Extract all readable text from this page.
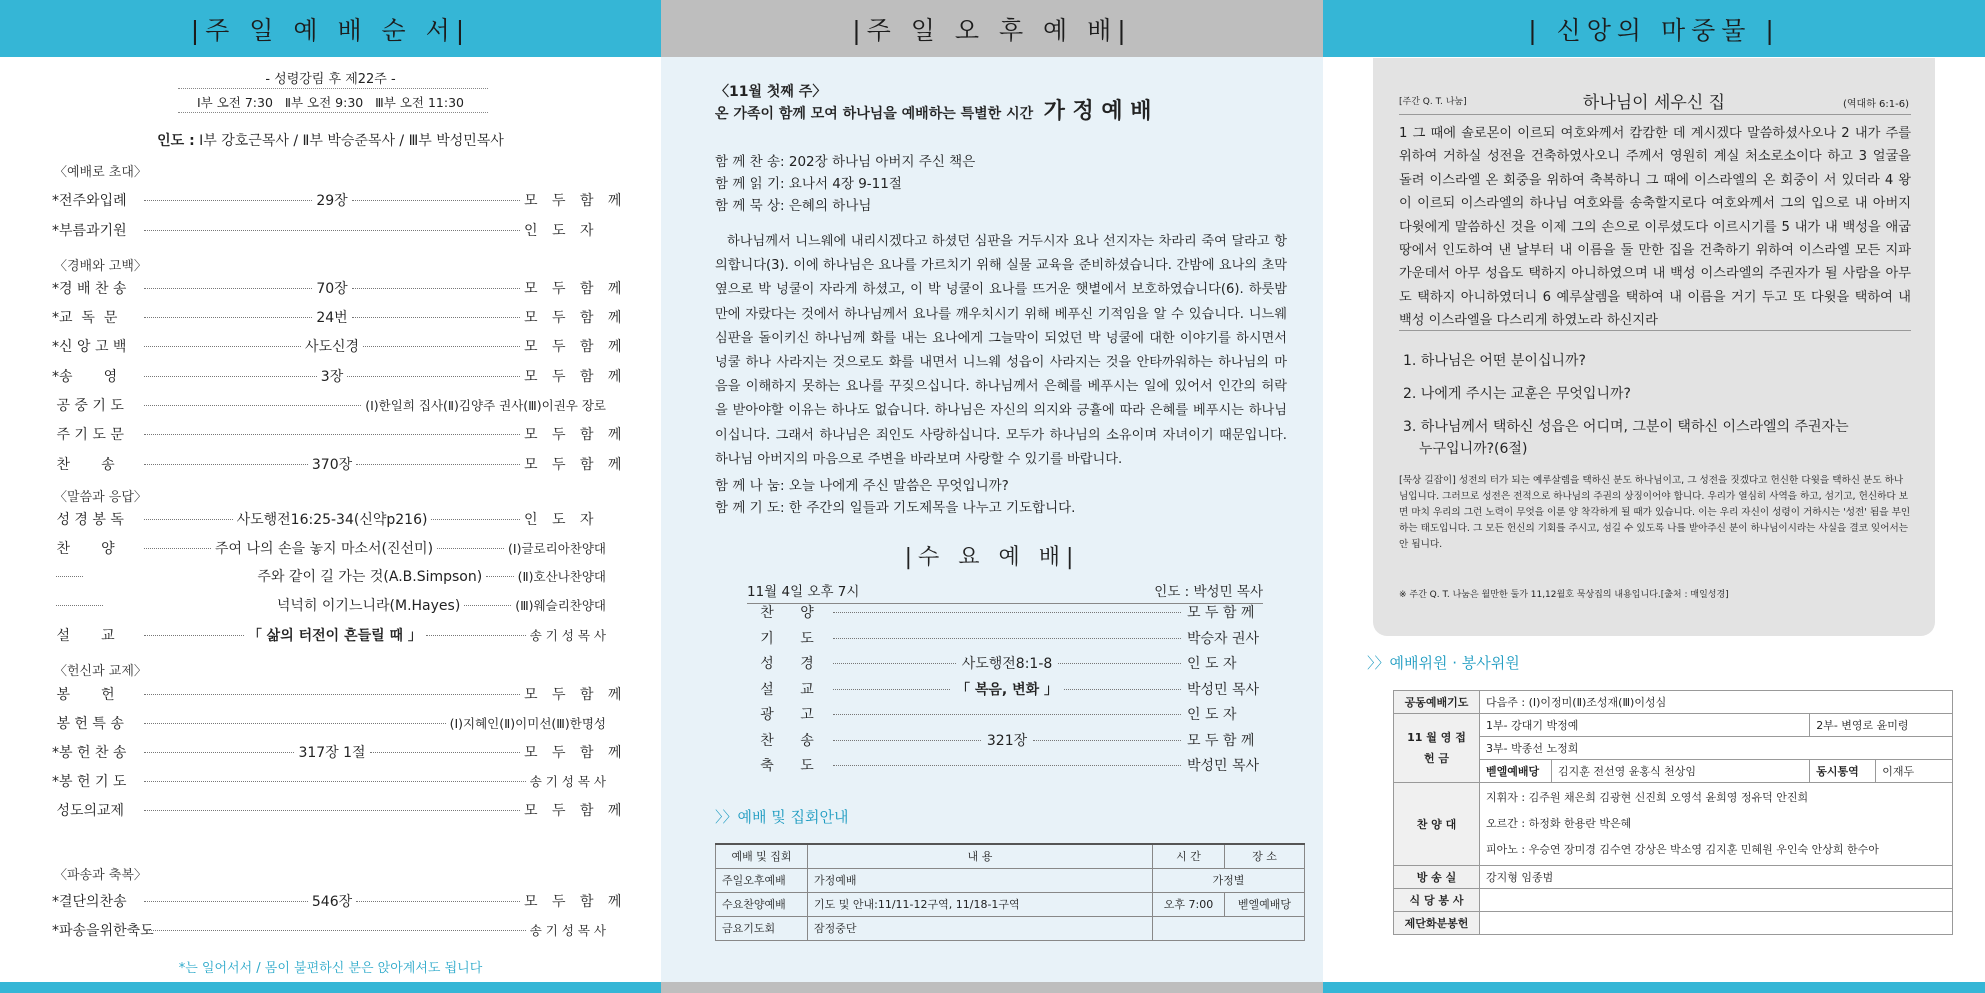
|주 일 예 배 순 서|
- 성령강림 후 제22주 -
Ⅰ부 오전 7:30   Ⅱ부 오전 9:30   Ⅲ부 오전 11:30
인도 : Ⅰ부 강호근목사 / Ⅱ부 박승준목사 / Ⅲ부 박성민목사
〈예배로 초대〉
〈경배와 고백〉
〈말씀과 응답〉
〈헌신과 교제〉
〈파송과 축복〉
*전주와입례	29장	모 두 함 께
*부름과기원	인 도 자
*경 배 찬 송	70장	모 두 함 께
*교  독  문	24번	모 두 함 께
*신 앙 고 백	사도신경	모 두 함 께
*송       영	3장	모 두 함 께
공 중 기 도	(Ⅰ)한일희 집사(Ⅱ)김양주 권사(Ⅲ)이권우 장로
주 기 도 문	모 두 함 께
찬       송	370장	모 두 함 께
성 경 봉 독	사도행전16:25-34(신약p216)	인 도 자
찬       양	주여 나의 손을 놓지 마소서(진선미)	(Ⅰ)글로리아찬양대
주와 같이 길 가는 것(A.B.Simpson)	(Ⅱ)호산나찬양대
넉넉히 이기느니라(M.Hayes)	(Ⅲ)웨슬리찬양대
설       교	「 삶의 터전이 흔들릴 때 」	송 기 성 목 사
봉       헌	모 두 함 께
봉 헌 특 송	(Ⅰ)지혜인(Ⅱ)이미선(Ⅲ)한명성
*봉 헌 찬 송	317장 1절	모 두 함 께
*봉 헌 기 도	송 기 성 목 사
성도의교제	모 두 함 께
*결단의찬송	546장	모 두 함 께
*파송을위한축도	송 기 성 목 사
*는 일어서서 / 몸이 불편하신 분은 앉아계셔도 됩니다
|주 일 오 후 예 배|
〈11월 첫째 주〉
온 가족이 함께 모여 하나님을 예배하는 특별한 시간 가 정 예 배
함 께 찬 송: 202장 하나님 아버지 주신 책은
함 께 읽 기: 요나서 4장 9-11절
함 께 묵 상: 은혜의 하나님
하나님께서 니느웨에 내리시겠다고 하셨던 심판을 거두시자 요나 선지자는 차라리 죽여 달라고 항의합니다(3). 이에 하나님은 요나를 가르치기 위해 실물 교육을 준비하셨습니다. 간밤에 요나의 초막 옆으로 박 넝쿨이 자라게 하셨고, 이 박 넝쿨이 요나를 뜨거운 햇볕에서 보호하였습니다(6). 하룻밤 만에 자랐다는 것에서 하나님께서 요나를 깨우치시기 위해 베푸신 기적임을 알 수 있습니다. 니느웨 심판을 돌이키신 하나님께 화를 내는 요나에게 그늘막이 되었던 박 넝쿨에 대한 이야기를 하시면서 넝쿨 하나 사라지는 것으로도 화를 내면서 니느웨 성읍이 사라지는 것을 안타까워하는 하나님의 마음을 이해하지 못하는 요나를 꾸짖으십니다. 하나님께서 은혜를 베푸시는 일에 있어서 인간의 허락을 받아야할 이유는 하나도 없습니다. 하나님은 자신의 의지와 긍휼에 따라 은혜를 베푸시는 하나님이십니다. 그래서 하나님은 죄인도 사랑하십니다. 모두가 하나님의 소유이며 자녀이기 때문입니다. 하나님 아버지의 마음으로 주변을 바라보며 사랑할 수 있기를 바랍니다.
함 께 나 눔: 오늘 나에게 주신 말씀은 무엇입니까?
함 께 기 도: 한 주간의 일들과 기도제목을 나누고 기도합니다.
|수 요 예 배|
11월 4일 오후 7시	인도 : 박성민 목사
찬	양	모 두 함 께
기	도	박승자 권사
성	경	사도행전8:1-8	인 도 자
설	교	「 복음, 변화 」	박성민 목사
광	고	인 도 자
찬	송	321장	모 두 함 께
축	도	박성민 목사
〉〉예배 및 집회안내
예배 및 집회	내 용	시 간	장 소
주일오후예배	가정예배	가정별	
수요찬양예배	기도 및 안내:11/11-12구역, 11/18-1구역	오후 7:00	벧엘예배당
금요기도회	잠정중단		
| 신앙의 마중물 |
[주간 Q. T. 나눔]	하나님이 세우신 집	(역대하 6:1-6)
1 그 때에 솔로몬이 이르되 여호와께서 캄캄한 데 계시겠다 말씀하셨사오나 2 내가 주를 위하여 거하실 성전을 건축하였사오니 주께서 영원히 계실 처소로소이다 하고 3 얼굴을 돌려 이스라엘 온 회중을 위하여 축복하니 그 때에 이스라엘의 온 회중이 서 있더라 4 왕이 이르되 이스라엘의 하나님 여호와를 송축할지로다 여호와께서 그의 입으로 내 아버지 다윗에게 말씀하신 것을 이제 그의 손으로 이루셨도다 이르시기를 5 내가 내 백성을 애굽 땅에서 인도하여 낸 날부터 내 이름을 둘 만한 집을 건축하기 위하여 이스라엘 모든 지파 가운데서 아무 성읍도 택하지 아니하였으며 내 백성 이스라엘의 주권자가 될 사람을 아무도 택하지 아니하였더니 6 예루살렘을 택하여 내 이름을 거기 두고 또 다윗을 택하여 내 백성 이스라엘을 다스리게 하였노라 하신지라
1. 하나님은 어떤 분이십니까?
2. 나에게 주시는 교훈은 무엇입니까?
3. 하나님께서 택하신 성읍은 어디며, 그분이 택하신 이스라엘의 주권자는
누구입니까?(6절)
[묵상 길잡이] 성전의 터가 되는 예루살렘을 택하신 분도 하나님이고, 그 성전을 짓겠다고 헌신한 다윗을 택하신 분도 하나님입니다. 그러므로 성전은 전적으로 하나님의 주권의 상징이어야 합니다. 우리가 열심히 사역을 하고, 섬기고, 헌신하다 보면 마치 우리의 그런 노력이 무엇을 이룬 양 착각하게 될 때가 있습니다. 이는 우리 자신이 성령이 거하시는 '성전' 됨을 부인하는 태도입니다. 그 모든 헌신의 기회를 주시고, 섬길 수 있도록 나를 받아주신 분이 하나님이시라는 사실을 결코 잊어서는 안 됩니다.
※ 주간 Q. T. 나눔은 월만한 둘가 11,12월호 묵상집의 내용입니다.[출처 : 매일성경]
〉〉예배위원 · 봉사위원
공동예배기도	다음주 : (Ⅰ)이정미(Ⅱ)조성재(Ⅲ)이성심			
11 월 영 접 헌 금	1부- 강대기 박정예		2부- 변영로 윤미령	
	3부- 박종선 노정희			
	벧엘예배당	김지훈 전선영 윤홍식 천상임	동시통역	이재두
찬 양 대	지휘자 : 김주원 채은희 김광현 신진희 오영석 윤희영 정유덕 안진희
오르간 : 하정화 한용란 박은혜
피아노 : 우승연 장미경 김수연 강상은 박소영 김지훈 민혜원 우인숙 안상희 한수아			

방 송 실	강지형 임종범			
식 당 봉 사				
제단화분봉헌				
